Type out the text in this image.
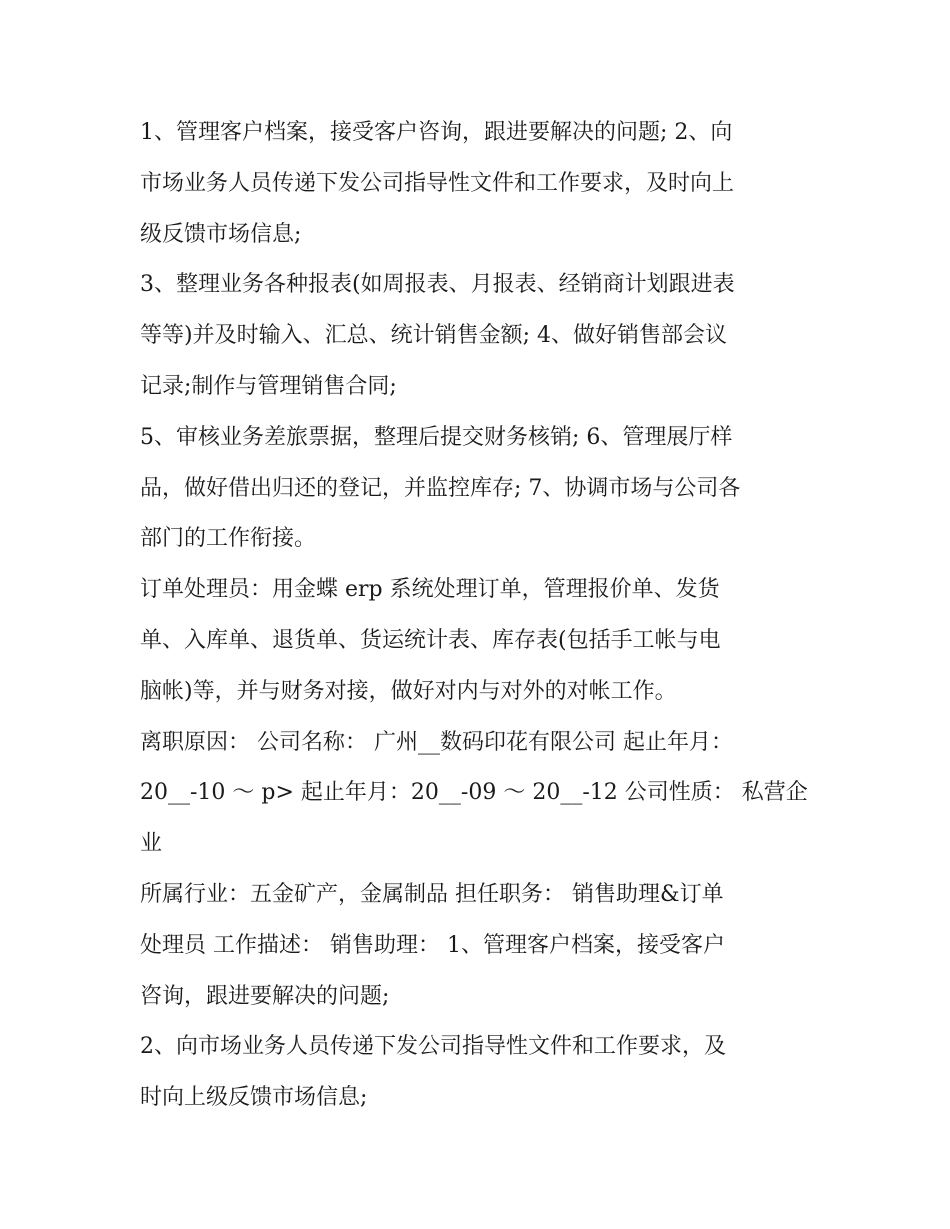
1、管理客户档案，接受客户咨询，跟进要解决的问题; 2、向
市场业务人员传递下发公司指导性文件和工作要求，及时向上
级反馈市场信息;

3、整理业务各种报表(如周报表、月报表、经销商计划跟进表
等等)并及时输入、汇总、统计销售金额; 4、做好销售部会议
记录;制作与管理销售合同;

5、审核业务差旅票据，整理后提交财务核销; 6、管理展厅样
品，做好借出归还的登记，并监控库存; 7、协调市场与公司各
部门的工作衔接。

订单处理员：用金蝶 erp 系统处理订单，管理报价单、发货
单、入库单、退货单、货运统计表、库存表(包括手工帐与电
脑帐)等，并与财务对接，做好对内与对外的对帐工作。

离职原因： 公司名称： 广州__数码印花有限公司 起止年月：
20__-10 ～ p> 起止年月：20__-09 ～ 20__-12 公司性质： 私营企
业

所属行业：五金矿产，金属制品 担任职务： 销售助理&订单
处理员 工作描述： 销售助理： 1、管理客户档案，接受客户
咨询，跟进要解决的问题;

2、向市场业务人员传递下发公司指导性文件和工作要求，及
时向上级反馈市场信息;
